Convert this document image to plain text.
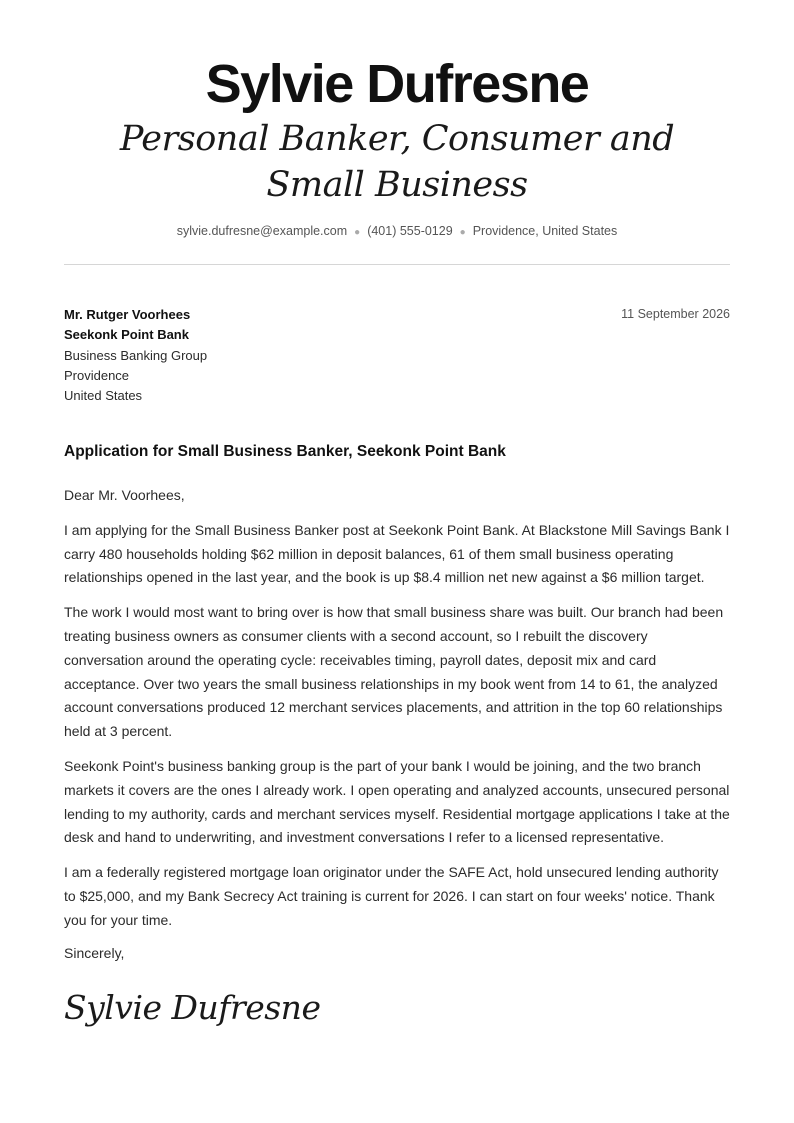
Sylvie Dufresne
Personal Banker, Consumer and Small Business
sylvie.dufresne@example.com ● (401) 555-0129 ● Providence, United States
Mr. Rutger Voorhees
Seekonk Point Bank
Business Banking Group
Providence
United States
11 September 2026
Application for Small Business Banker, Seekonk Point Bank

Dear Mr. Voorhees,

I am applying for the Small Business Banker post at Seekonk Point Bank. At Blackstone Mill Savings Bank I carry 480 households holding $62 million in deposit balances, 61 of them small business operating relationships opened in the last year, and the book is up $8.4 million net new against a $6 million target.

The work I would most want to bring over is how that small business share was built. Our branch had been treating business owners as consumer clients with a second account, so I rebuilt the discovery conversation around the operating cycle: receivables timing, payroll dates, deposit mix and card acceptance. Over two years the small business relationships in my book went from 14 to 61, the analyzed account conversations produced 12 merchant services placements, and attrition in the top 60 relationships held at 3 percent.

Seekonk Point's business banking group is the part of your bank I would be joining, and the two branch markets it covers are the ones I already work. I open operating and analyzed accounts, unsecured personal lending to my authority, cards and merchant services myself. Residential mortgage applications I take at the desk and hand to underwriting, and investment conversations I refer to a licensed representative.

I am a federally registered mortgage loan originator under the SAFE Act, hold unsecured lending authority to $25,000, and my Bank Secrecy Act training is current for 2026. I can start on four weeks' notice. Thank you for your time.

Sincerely,
Sylvie Dufresne
